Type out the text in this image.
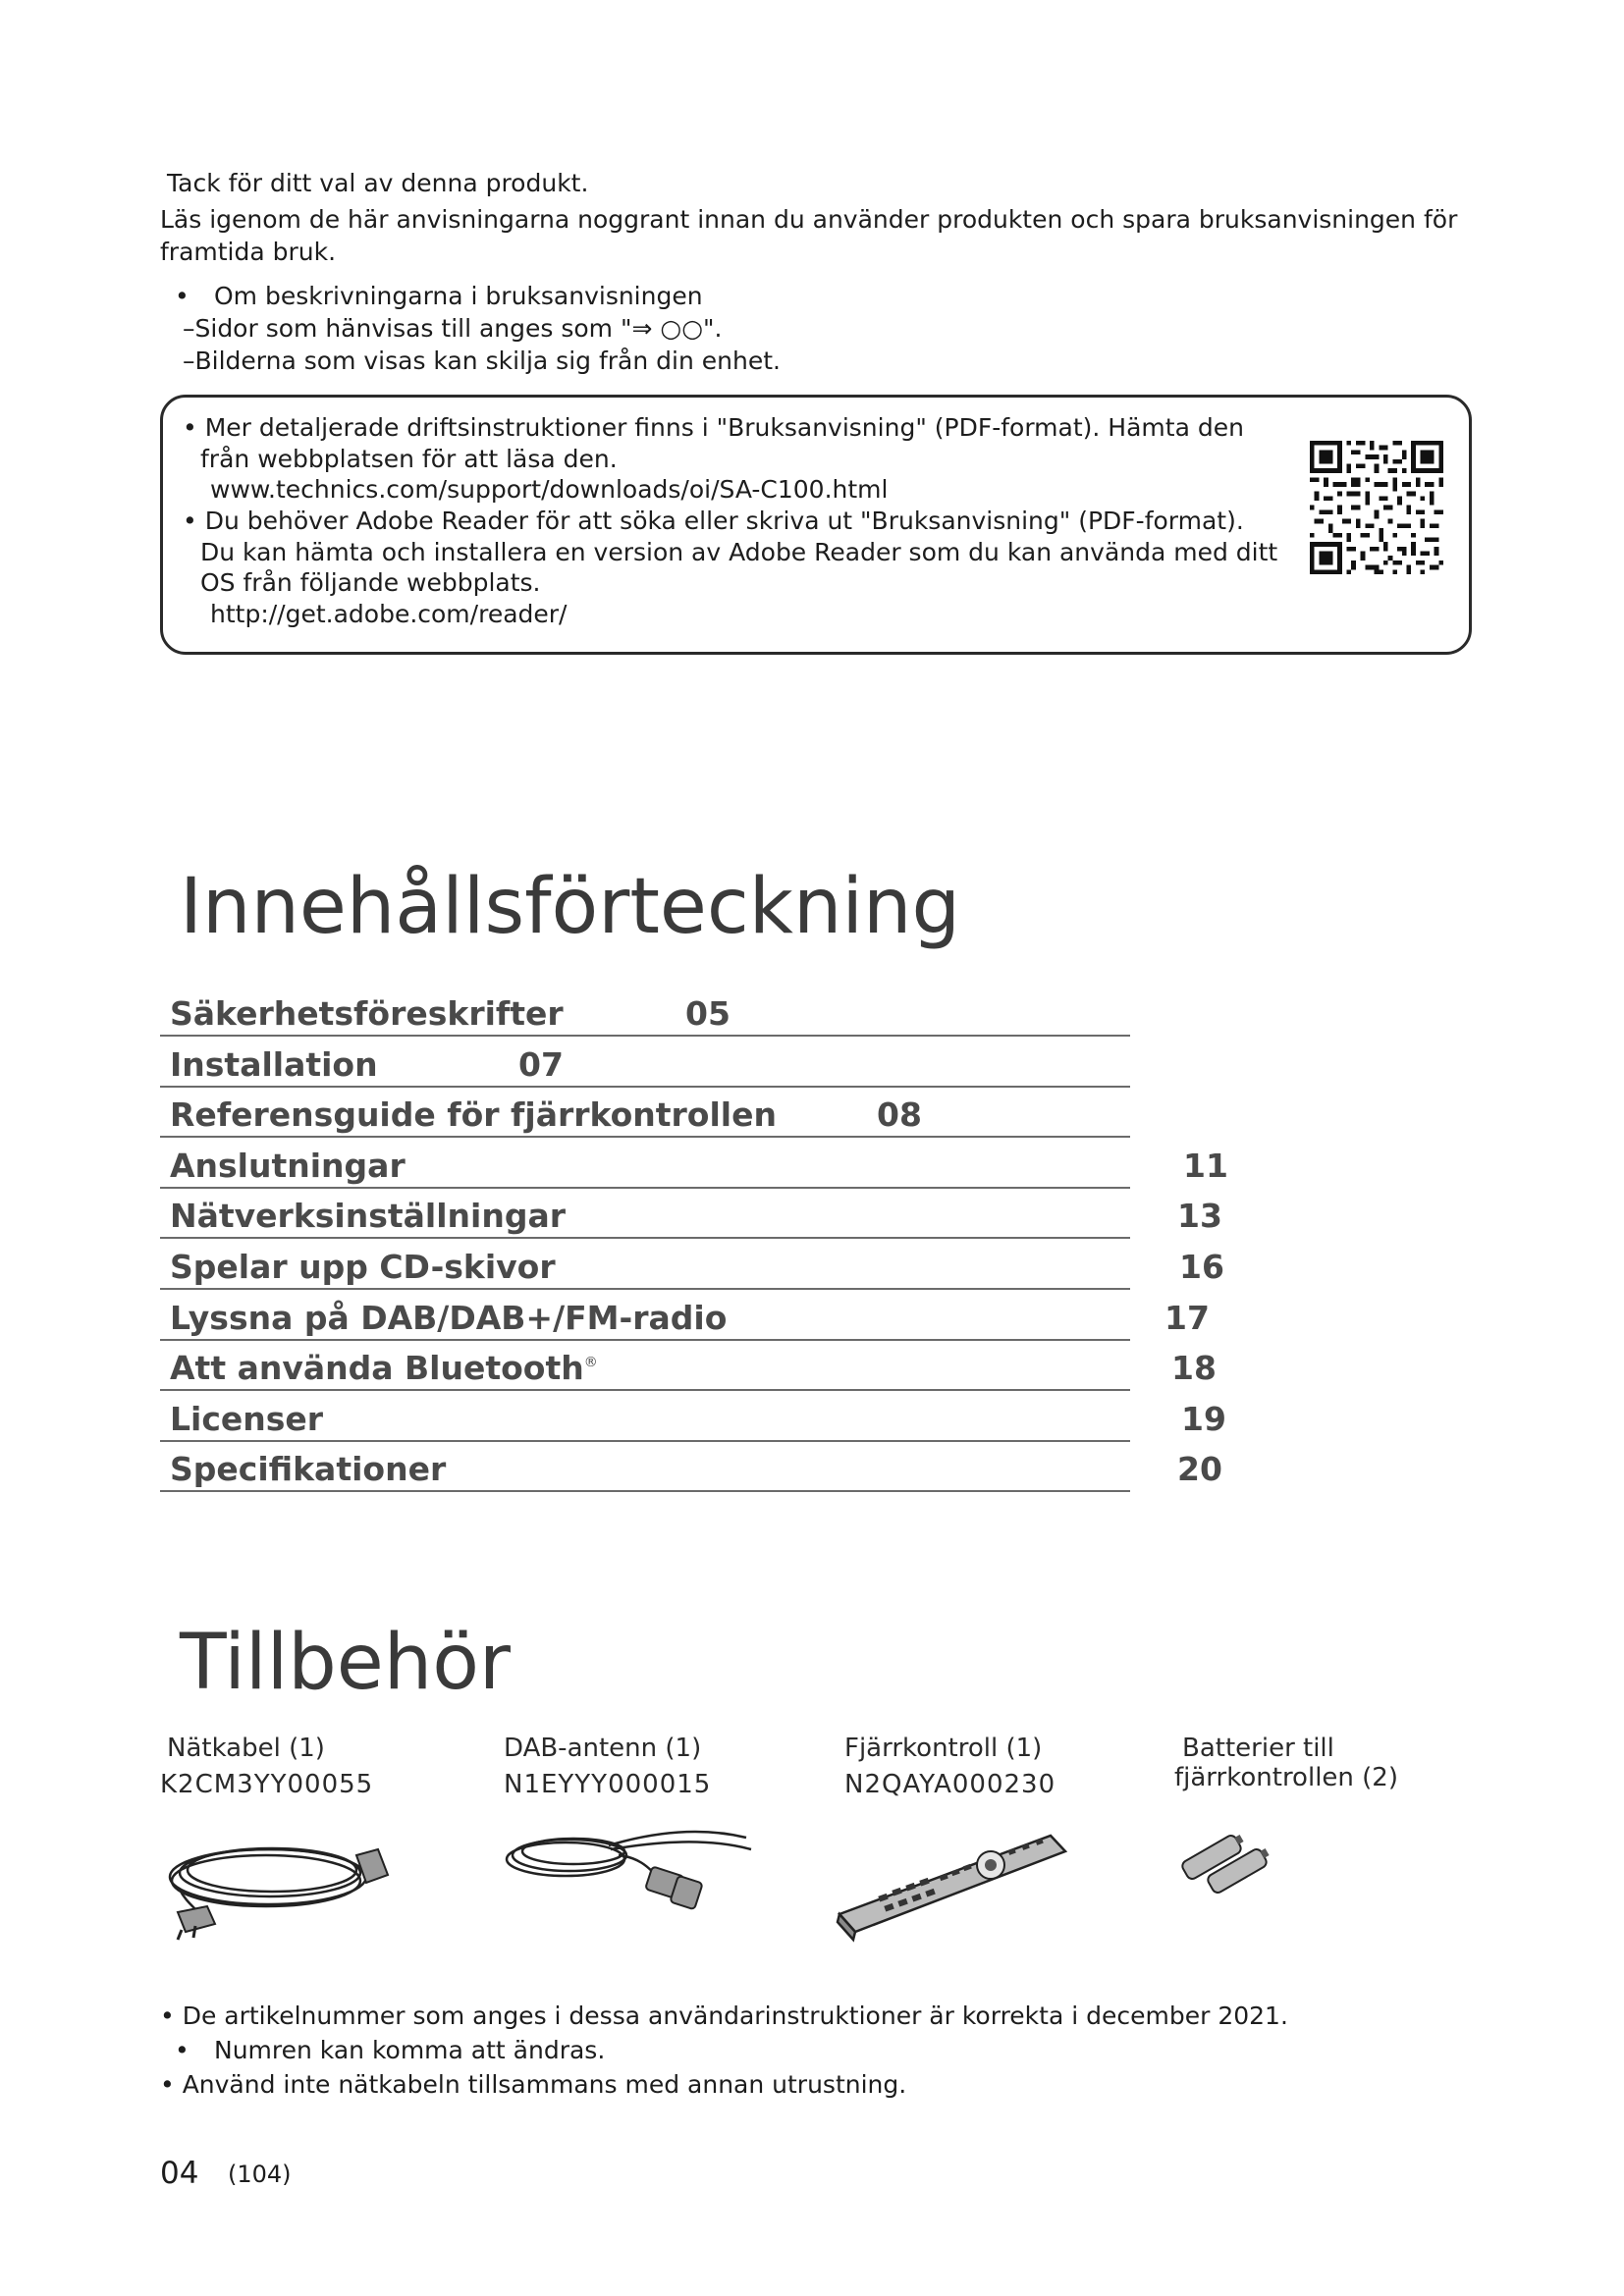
Tack för ditt val av denna produkt.
Läs igenom de här anvisningarna noggrant innan du använder produkten och spara bruksanvisningen för
framtida bruk.
• Om beskrivningarna i bruksanvisningen
–Sidor som hänvisas till anges som "⇒ ○○".
–Bilderna som visas kan skilja sig från din enhet.
• Mer detaljerade driftsinstruktioner finns i "Bruksanvisning" (PDF-format). Hämta den
från webbplatsen för att läsa den.
www.technics.com/support/downloads/oi/SA-C100.html
• Du behöver Adobe Reader för att söka eller skriva ut "Bruksanvisning" (PDF-format).
Du kan hämta och installera en version av Adobe Reader som du kan använda med ditt
OS från följande webbplats.
http://get.adobe.com/reader/
Innehållsförteckning
Säkerhetsföreskrifter	05
Installation	07
Referensguide för fjärrkontrollen	08
Anslutningar	11
Nätverksinställningar	13
Spelar upp CD-skivor	16
Lyssna på DAB/DAB+/FM-radio	17
Att använda Bluetooth®	18
Licenser	19
Specifikationer	20
Tillbehör
Nätkabel (1)
K2CM3YY00055
DAB-antenn (1)
N1EYYY000015
Fjärrkontroll (1)
N2QAYA000230
Batterier till
fjärrkontrollen (2)
• De artikelnummer som anges i dessa användarinstruktioner är korrekta i december 2021.
• Numren kan komma att ändras.
• Använd inte nätkabeln tillsammans med annan utrustning.
04 (104)
